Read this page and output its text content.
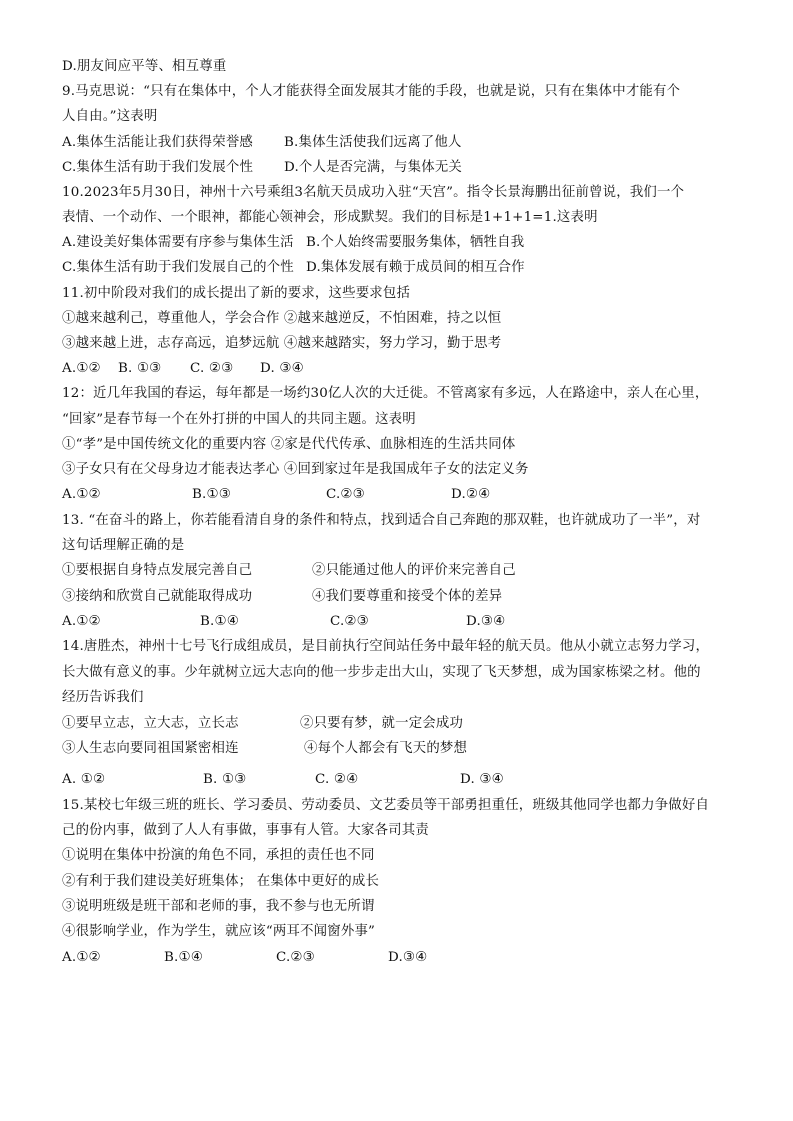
D.朋友间应平等、相互尊重
9.马克思说：“只有在集体中，个人才能获得全面发展其才能的手段，也就是说，只有在集体中才能有个
人自由。”这表明
A.集体生活能让我们获得荣誉感 B.集体生活使我们远离了他人
C.集体生活有助于我们发展个性 D.个人是否完满，与集体无关
10.2023年5月30日，神州十六号乘组3名航天员成功入驻“天宫”。指令长景海鹏出征前曾说，我们一个
表情、一个动作、一个眼神，都能心领神会，形成默契。我们的目标是1+1+1=1.这表明
A.建设美好集体需要有序参与集体生活 B.个人始终需要服务集体，牺牲自我
C.集体生活有助于我们发展自己的个性 D.集体发展有赖于成员间的相互合作
11.初中阶段对我们的成长提出了新的要求，这些要求包括
①越来越利己，尊重他人，学会合作 ②越来越逆反，不怕困难，持之以恒
③越来越上进，志存高远，追梦远航 ④越来越踏实，努力学习，勤于思考
A.①② B. ①③ C. ②③ D. ③④
12：近几年我国的春运，每年都是一场约30亿人次的大迁徙。不管离家有多远，人在路途中，亲人在心里，
“回家”是春节每一个在外打拼的中国人的共同主题。这表明
①“孝”是中国传统文化的重要内容 ②家是代代传承、血脉相连的生活共同体
③子女只有在父母身边才能表达孝心 ④回到家过年是我国成年子女的法定义务
A.①②	B.①③	C.②③	D.②④
13. “在奋斗的路上，你若能看清自身的条件和特点，找到适合自己奔跑的那双鞋，也许就成功了一半”，对
这句话理解正确的是
①要根据自身特点发展完善自己	②只能通过他人的评价来完善自己
③接纳和欣赏自己就能取得成功	④我们要尊重和接受个体的差异
A.①②	B.①④	C.②③	D.③④
14.唐胜杰，神州十七号飞行成组成员，是目前执行空间站任务中最年轻的航天员。他从小就立志努力学习，
长大做有意义的事。少年就树立远大志向的他一步步走出大山，实现了飞天梦想，成为国家栋梁之材。他的
经历告诉我们
①要早立志，立大志，立长志	②只要有梦，就一定会成功
③人生志向要同祖国紧密相连	④每个人都会有飞天的梦想
A. ①②	B. ①③	C. ②④	D. ③④
15.某校七年级三班的班长、学习委员、劳动委员、文艺委员等干部勇担重任，班级其他同学也都力争做好自
己的份内事，做到了人人有事做，事事有人管。大家各司其责
①说明在集体中扮演的角色不同，承担的责任也不同
②有利于我们建设美好班集体； 在集体中更好的成长
③说明班级是班干部和老师的事，我不参与也无所谓
④很影响学业，作为学生，就应该“两耳不闻窗外事”
A.①②	B.①④	C.②③	D.③④
